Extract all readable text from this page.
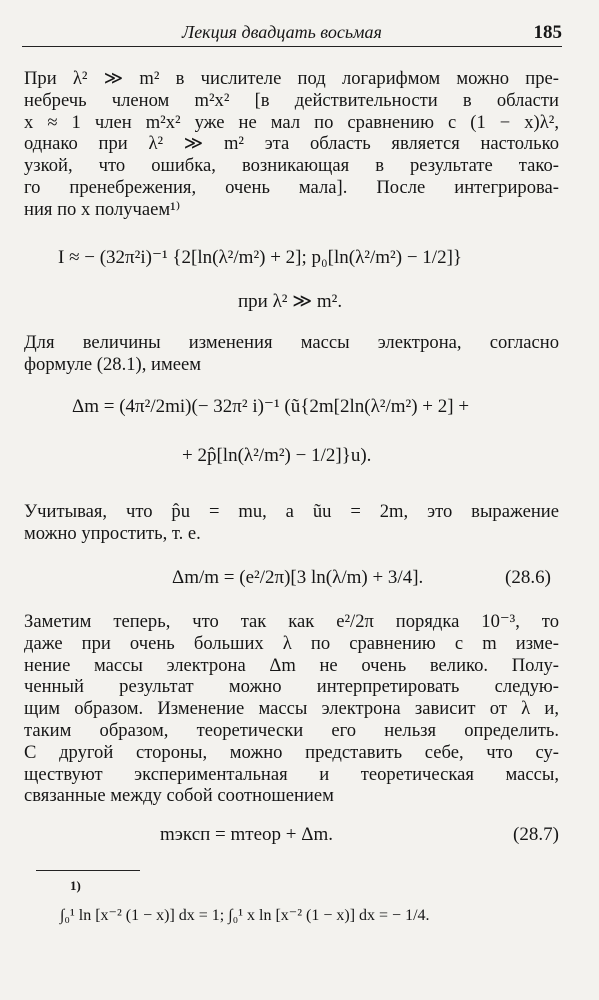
Лекция двадцать восьмая	185
При λ² ≫ m² в числителе под логарифмом можно пре-
небречь членом m²x² [в действительности в области
x ≈ 1 член m²x² уже не мал по сравнению с (1 − x)λ²,
однако при λ² ≫ m² эта область является настолько
узкой, что ошибка, возникающая в результате тако-
го пренебрежения, очень мала]. После интегрирова-
ния по x получаем¹⁾
I ≈ − (32π²i)⁻¹ {2[ln(λ²/m²) + 2]; p₀[ln(λ²/m²) − 1/2]}
при λ² ≫ m².
Для величины изменения массы электрона, согласно
формуле (28.1), имеем
Δm = (4π²/2mi)(− 32π² i)⁻¹ (ũ{2m[2ln(λ²/m²) + 2] +
+ 2p̂[ln(λ²/m²) − 1/2]}u).
Учитывая, что p̂u = mu, а ũu = 2m, это выражение
можно упростить, т. е.
Δm/m = (e²/2π)[3 ln(λ/m) + 3/4].	(28.6)
Заметим теперь, что так как e²/2π порядка 10⁻³, то
даже при очень больших λ по сравнению с m изме-
нение массы электрона Δm не очень велико. Полу-
ченный результат можно интерпретировать следую-
щим образом. Изменение массы электрона зависит от λ и,
таким образом, теоретически его нельзя определить.
С другой стороны, можно представить себе, что су-
ществуют экспериментальная и теоретическая массы,
связанные между собой соотношением
mэксп = mтеор + Δm.	(28.7)
1)
∫₀¹ ln [x⁻² (1 − x)] dx = 1; ∫₀¹ x ln [x⁻² (1 − x)] dx = − 1/4.
